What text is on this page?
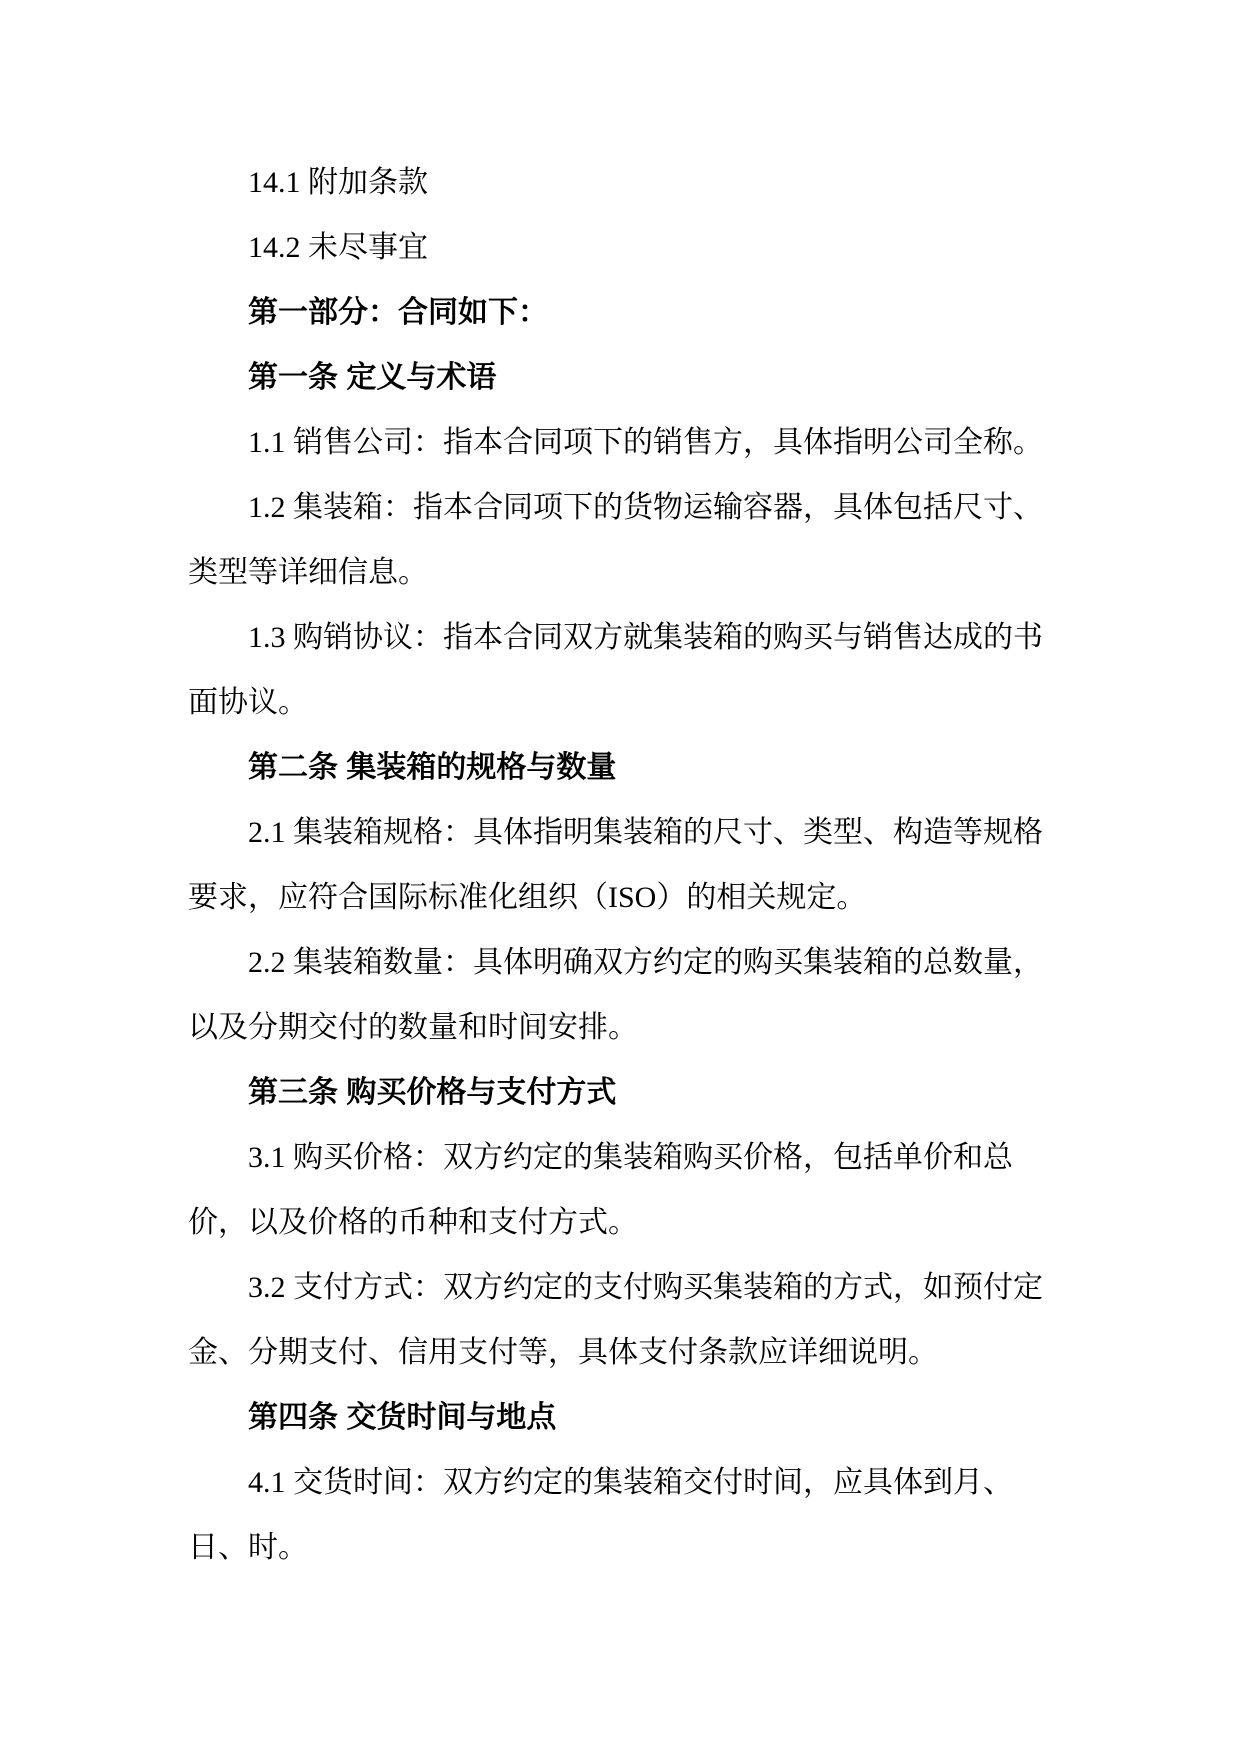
14.1 附加条款
14.2 未尽事宜
第一部分：合同如下：
第一条 定义与术语
1.1 销售公司：指本合同项下的销售方，具体指明公司全称。
1.2 集装箱：指本合同项下的货物运输容器，具体包括尺寸、
类型等详细信息。
1.3 购销协议：指本合同双方就集装箱的购买与销售达成的书
面协议。
第二条 集装箱的规格与数量
2.1 集装箱规格：具体指明集装箱的尺寸、类型、构造等规格
要求，应符合国际标准化组织（ISO）的相关规定。
2.2 集装箱数量：具体明确双方约定的购买集装箱的总数量，
以及分期交付的数量和时间安排。
第三条 购买价格与支付方式
3.1 购买价格：双方约定的集装箱购买价格，包括单价和总
价，以及价格的币种和支付方式。
3.2 支付方式：双方约定的支付购买集装箱的方式，如预付定
金、分期支付、信用支付等，具体支付条款应详细说明。
第四条 交货时间与地点
4.1 交货时间：双方约定的集装箱交付时间，应具体到月、
日、时。
